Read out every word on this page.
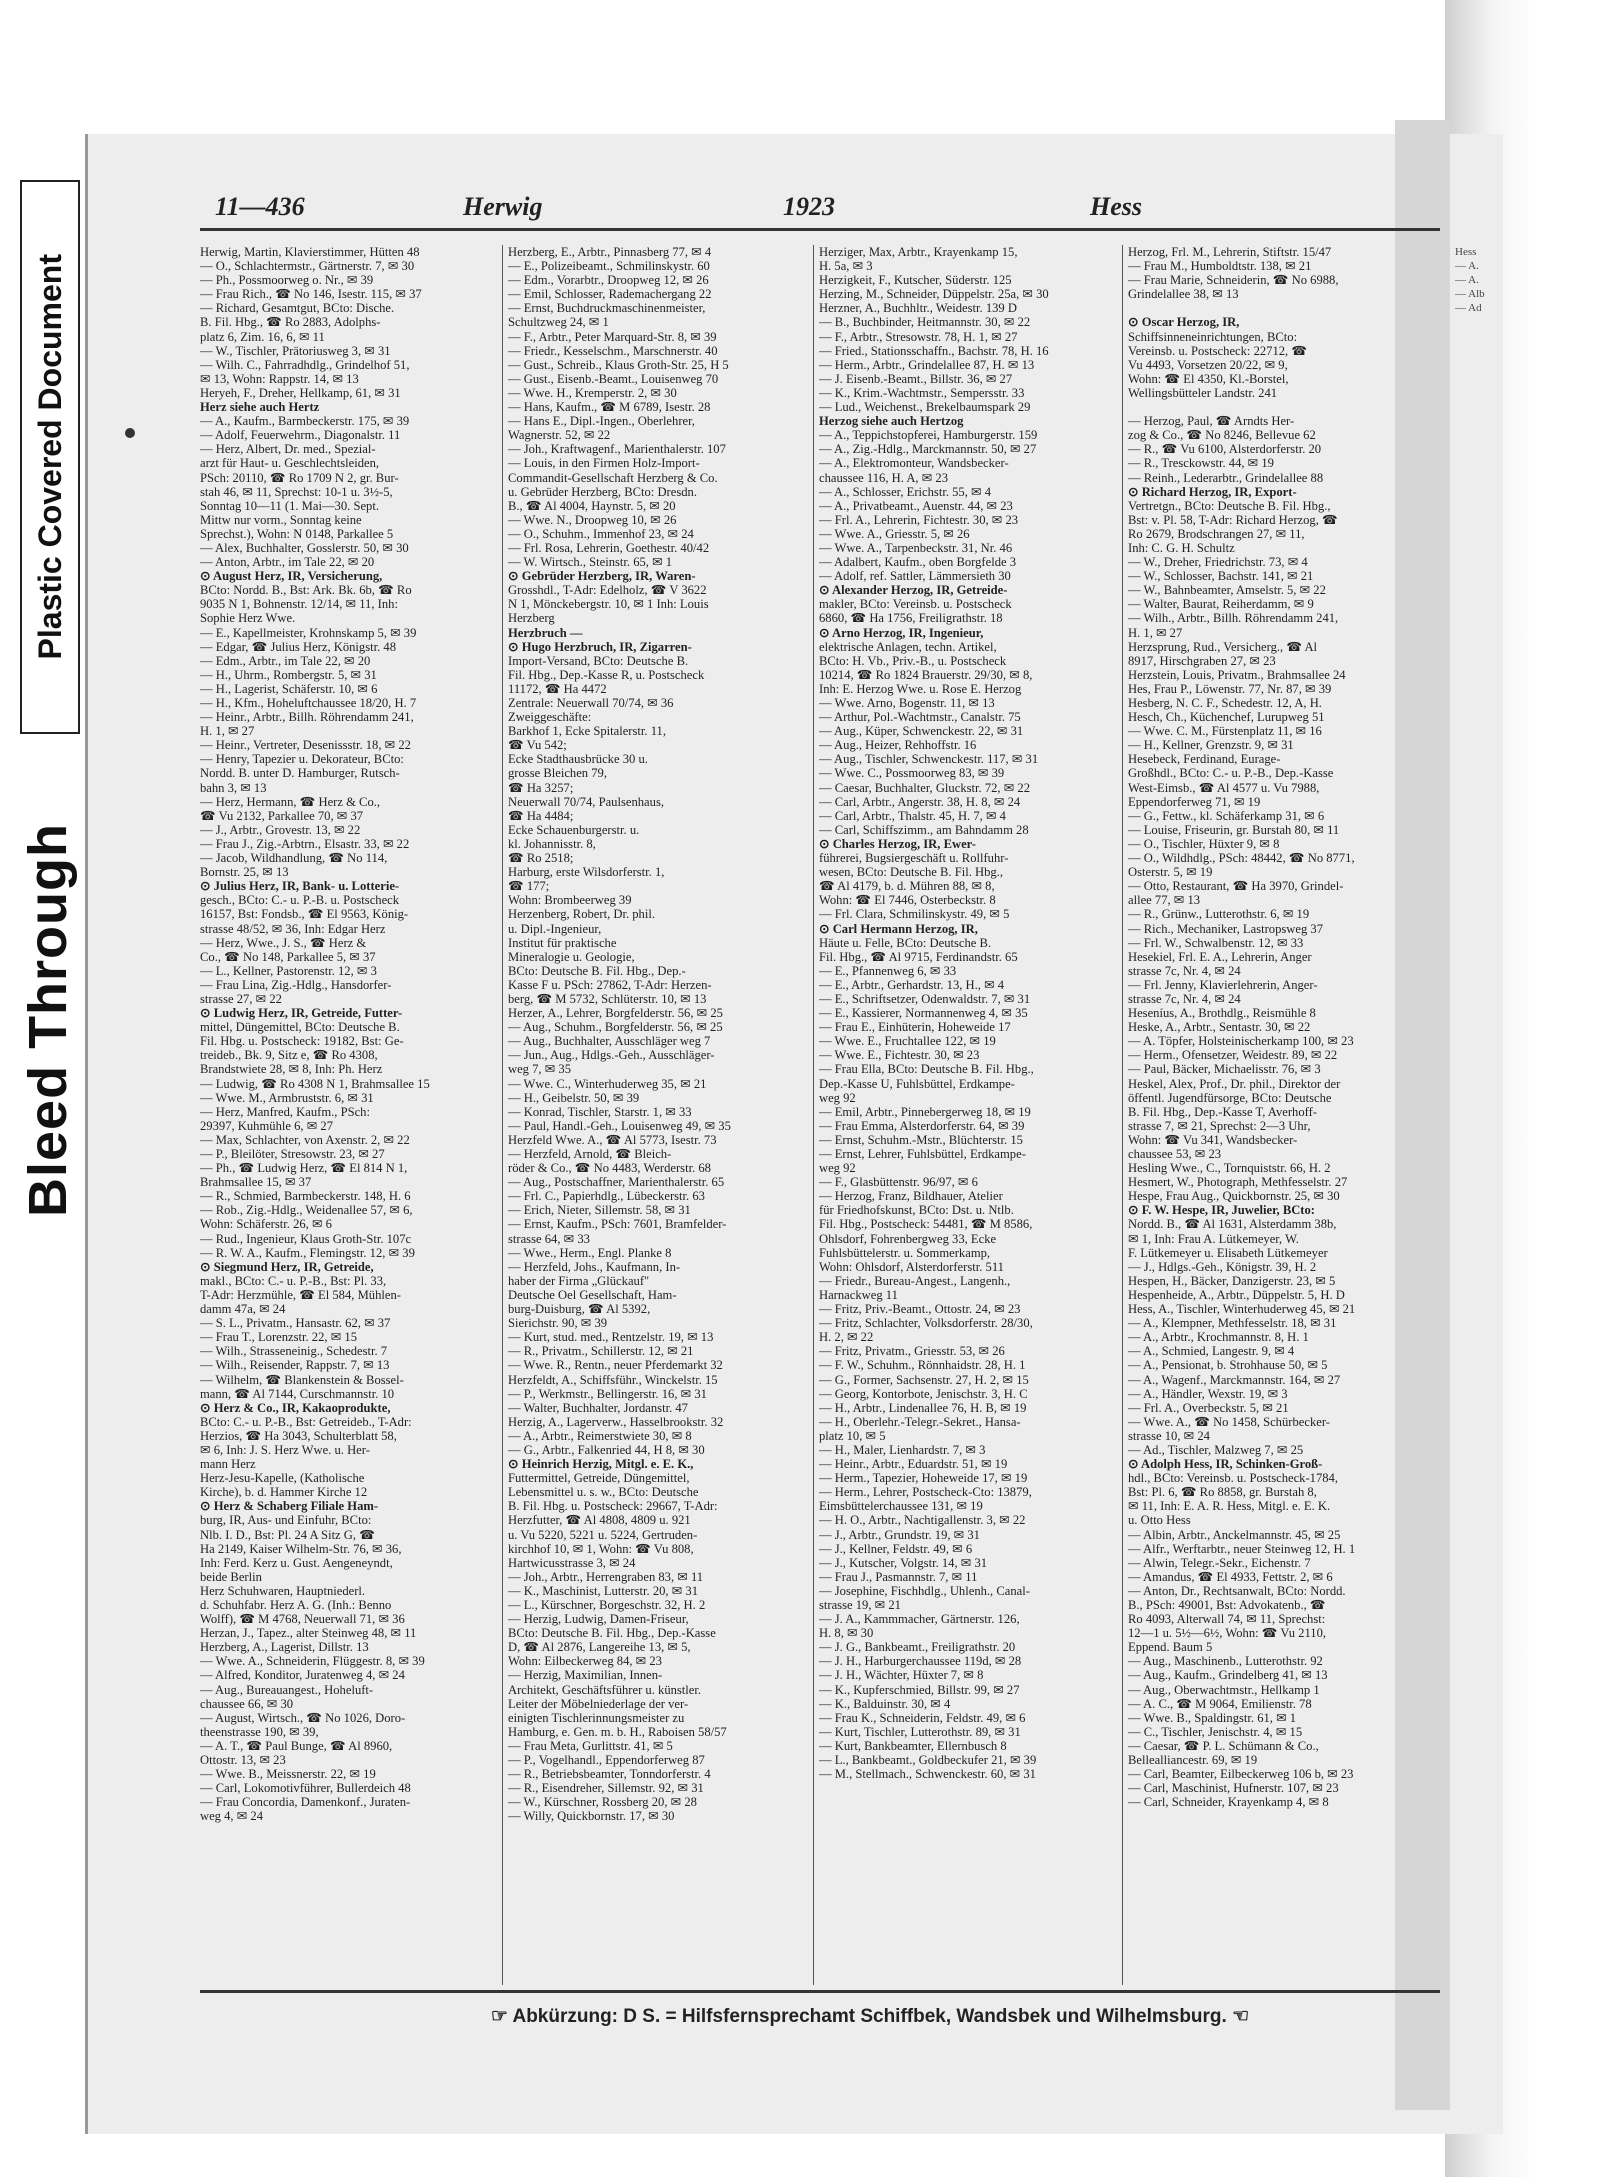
Plastic Covered Document
Bleed Through
11—436	Herwig	1923	Hess
Herwig, Martin, Klavierstimmer, Hütten 48
— O., Schlachtermstr., Gärtnerstr. 7, ✉ 30
— Ph., Possmoorweg o. Nr., ✉ 39
— Frau Rich., ☎ No 146, Isestr. 115, ✉ 37
— Richard, Gesamtgut, BCto: Dische.
B. Fil. Hbg., ☎ Ro 2883, Adolphs-
platz 6, Zim. 16, 6, ✉ 11
— W., Tischler, Prätoriusweg 3, ✉ 31
— Wilh. C., Fahrradhdlg., Grindelhof 51,
✉ 13, Wohn: Rappstr. 14, ✉ 13
Heryeh, F., Dreher, Hellkamp, 61, ✉ 31
Herz siehe auch Hertz
— A., Kaufm., Barmbeckerstr. 175, ✉ 39
— Adolf, Feuerwehrm., Diagonalstr. 11
— Herz, Albert, Dr. med., Spezial-
arzt für Haut- u. Geschlechtsleiden,
PSch: 20110, ☎ Ro 1709 N 2, gr. Bur-
stah 46, ✉ 11, Sprechst: 10-1 u. 3½-5,
Sonntag 10—11 (1. Mai—30. Sept.
Mittw nur vorm., Sonntag keine
Sprechst.), Wohn: N 0148, Parkallee 5
— Alex, Buchhalter, Gosslerstr. 50, ✉ 30
— Anton, Arbtr., im Tale 22, ✉ 20
⊙ August Herz, IR, Versicherung,
BCto: Nordd. B., Bst: Ark. Bk. 6b, ☎ Ro
9035 N 1, Bohnenstr. 12/14, ✉ 11, Inh:
Sophie Herz Wwe.
— E., Kapellmeister, Krohnskamp 5, ✉ 39
— Edgar, ☎ Julius Herz, Königstr. 48
— Edm., Arbtr., im Tale 22, ✉ 20
— H., Uhrm., Rombergstr. 5, ✉ 31
— H., Lagerist, Schäferstr. 10, ✉ 6
— H., Kfm., Hoheluftchaussee 18/20, H. 7
— Heinr., Arbtr., Billh. Röhrendamm 241,
H. 1, ✉ 27
— Heinr., Vertreter, Desenissstr. 18, ✉ 22
— Henry, Tapezier u. Dekorateur, BCto:
Nordd. B. unter D. Hamburger, Rutsch-
bahn 3, ✉ 13
— Herz, Hermann, ☎ Herz & Co.,
☎ Vu 2132, Parkallee 70, ✉ 37
— J., Arbtr., Grovestr. 13, ✉ 22
— Frau J., Zig.-Arbtrn., Elsastr. 33, ✉ 22
— Jacob, Wildhandlung, ☎ No 114,
Bornstr. 25, ✉ 13
⊙ Julius Herz, IR, Bank- u. Lotterie-
gesch., BCto: C.- u. P.-B. u. Postscheck
16157, Bst: Fondsb., ☎ El 9563, König-
strasse 48/52, ✉ 36, Inh: Edgar Herz
— Herz, Wwe., J. S., ☎ Herz &
Co., ☎ No 148, Parkallee 5, ✉ 37
— L., Kellner, Pastorenstr. 12, ✉ 3
— Frau Lina, Zig.-Hdlg., Hansdorfer-
strasse 27, ✉ 22
⊙ Ludwig Herz, IR, Getreide, Futter-
mittel, Düngemittel, BCto: Deutsche B.
Fil. Hbg. u. Postscheck: 19182, Bst: Ge-
treideb., Bk. 9, Sitz e, ☎ Ro 4308,
Brandstwiete 28, ✉ 8, Inh: Ph. Herz
— Ludwig, ☎ Ro 4308 N 1, Brahmsallee 15
— Wwe. M., Armbruststr. 6, ✉ 31
— Herz, Manfred, Kaufm., PSch:
29397, Kuhmühle 6, ✉ 27
— Max, Schlachter, von Axenstr. 2, ✉ 22
— P., Bleilöter, Stresowstr. 23, ✉ 27
— Ph., ☎ Ludwig Herz, ☎ El 814 N 1,
Brahmsallee 15, ✉ 37
— R., Schmied, Barmbeckerstr. 148, H. 6
— Rob., Zig.-Hdlg., Weidenallee 57, ✉ 6,
Wohn: Schäferstr. 26, ✉ 6
— Rud., Ingenieur, Klaus Groth-Str. 107c
— R. W. A., Kaufm., Flemingstr. 12, ✉ 39
⊙ Siegmund Herz, IR, Getreide,
makl., BCto: C.- u. P.-B., Bst: Pl. 33,
T-Adr: Herzmühle, ☎ El 584, Mühlen-
damm 47a, ✉ 24
— S. L., Privatm., Hansastr. 62, ✉ 37
— Frau T., Lorenzstr. 22, ✉ 15
— Wilh., Strasseneinig., Schedestr. 7
— Wilh., Reisender, Rappstr. 7, ✉ 13
— Wilhelm, ☎ Blankenstein & Bossel-
mann, ☎ Al 7144, Curschmannstr. 10
⊙ Herz & Co., IR, Kakaoprodukte,
BCto: C.- u. P.-B., Bst: Getreideb., T-Adr:
Herzios, ☎ Ha 3043, Schulterblatt 58,
✉ 6, Inh: J. S. Herz Wwe. u. Her-
mann Herz
Herz-Jesu-Kapelle, (Katholische
Kirche), b. d. Hammer Kirche 12
⊙ Herz & Schaberg Filiale Ham-
burg, IR, Aus- und Einfuhr, BCto:
Nlb. I. D., Bst: Pl. 24 A Sitz G, ☎
Ha 2149, Kaiser Wilhelm-Str. 76, ✉ 36,
Inh: Ferd. Kerz u. Gust. Aengeneyndt,
beide Berlin
Herz Schuhwaren, Hauptniederl.
d. Schuhfabr. Herz A. G. (Inh.: Benno
Wolff), ☎ M 4768, Neuerwall 71, ✉ 36
Herzan, J., Tapez., alter Steinweg 48, ✉ 11
Herzberg, A., Lagerist, Dillstr. 13
— Wwe. A., Schneiderin, Flüggestr. 8, ✉ 39
— Alfred, Konditor, Juratenweg 4, ✉ 24
— Aug., Bureauangest., Hoheluft-
chaussee 66, ✉ 30
— August, Wirtsch., ☎ No 1026, Doro-
theenstrasse 190, ✉ 39,
— A. T., ☎ Paul Bunge, ☎ Al 8960,
Ottostr. 13, ✉ 23
— Wwe. B., Meissnerstr. 22, ✉ 19
— Carl, Lokomotivführer, Bullerdeich 48
— Frau Concordia, Damenkonf., Juraten-
weg 4, ✉ 24
Herzberg, E., Arbtr., Pinnasberg 77, ✉ 4
— E., Polizeibeamt., Schmilinskystr. 60
— Edm., Vorarbtr., Droopweg 12, ✉ 26
— Emil, Schlosser, Rademachergang 22
— Ernst, Buchdruckmaschinenmeister,
Schultzweg 24, ✉ 1
— F., Arbtr., Peter Marquard-Str. 8, ✉ 39
— Friedr., Kesselschm., Marschnerstr. 40
— Gust., Schreib., Klaus Groth-Str. 25, H 5
— Gust., Eisenb.-Beamt., Louisenweg 70
— Wwe. H., Kremperstr. 2, ✉ 30
— Hans, Kaufm., ☎ M 6789, Isestr. 28
— Hans E., Dipl.-Ingen., Oberlehrer,
Wagnerstr. 52, ✉ 22
— Joh., Kraftwagenf., Marienthalerstr. 107
— Louis, in den Firmen Holz-Import-
Commandit-Gesellschaft Herzberg & Co.
u. Gebrüder Herzberg, BCto: Dresdn.
B., ☎ Al 4004, Haynstr. 5, ✉ 20
— Wwe. N., Droopweg 10, ✉ 26
— O., Schuhm., Immenhof 23, ✉ 24
— Frl. Rosa, Lehrerin, Goethestr. 40/42
— W. Wirtsch., Steinstr. 65, ✉ 1
⊙ Gebrüder Herzberg, IR, Waren-
Grosshdl., T-Adr: Edelholz, ☎ V 3622
N 1, Mönckebergstr. 10, ✉ 1 Inh: Louis
Herzberg
Herzbruch —
⊙ Hugo Herzbruch, IR, Zigarren-
Import-Versand, BCto: Deutsche B.
Fil. Hbg., Dep.-Kasse R, u. Postscheck
11172, ☎ Ha 4472
Zentrale: Neuerwall 70/74, ✉ 36
Zweiggeschäfte:
Barkhof 1, Ecke Spitalerstr. 11,
☎ Vu 542;
Ecke Stadthausbrücke 30 u.
grosse Bleichen 79,
☎ Ha 3257;
Neuerwall 70/74, Paulsenhaus,
☎ Ha 4484;
Ecke Schauenburgerstr. u.
kl. Johannisstr. 8,
☎ Ro 2518;
Harburg, erste Wilsdorferstr. 1,
☎ 177;
Wohn: Brombeerweg 39
Herzenberg, Robert, Dr. phil.
u. Dipl.-Ingenieur,
Institut für praktische
Mineralogie u. Geologie,
BCto: Deutsche B. Fil. Hbg., Dep.-
Kasse F u. PSch: 27862, T-Adr: Herzen-
berg, ☎ M 5732, Schlüterstr. 10, ✉ 13
Herzer, A., Lehrer, Borgfelderstr. 56, ✉ 25
— Aug., Schuhm., Borgfelderstr. 56, ✉ 25
— Aug., Buchhalter, Ausschläger weg 7
— Jun., Aug., Hdlgs.-Geh., Ausschläger-
weg 7, ✉ 35
— Wwe. C., Winterhuderweg 35, ✉ 21
— H., Geibelstr. 50, ✉ 39
— Konrad, Tischler, Starstr. 1, ✉ 33
— Paul, Handl.-Geh., Louisenweg 49, ✉ 35
Herzfeld Wwe. A., ☎ Al 5773, Isestr. 73
— Herzfeld, Arnold, ☎ Bleich-
röder & Co., ☎ No 4483, Werderstr. 68
— Aug., Postschaffner, Marienthalerstr. 65
— Frl. C., Papierhdlg., Lübeckerstr. 63
— Erich, Nieter, Sillemstr. 58, ✉ 31
— Ernst, Kaufm., PSch: 7601, Bramfelder-
strasse 64, ✉ 33
— Wwe., Herm., Engl. Planke 8
— Herzfeld, Johs., Kaufmann, In-
haber der Firma „Glückauf"
Deutsche Oel Gesellschaft, Ham-
burg-Duisburg, ☎ Al 5392,
Sierichstr. 90, ✉ 39
— Kurt, stud. med., Rentzelstr. 19, ✉ 13
— R., Privatm., Schillerstr. 12, ✉ 21
— Wwe. R., Rentn., neuer Pferdemarkt 32
Herzfeldt, A., Schiffsführ., Winckelstr. 15
— P., Werkmstr., Bellingerstr. 16, ✉ 31
— Walter, Buchhalter, Jordanstr. 47
Herzig, A., Lagerverw., Hasselbrookstr. 32
— A., Arbtr., Reimerstwiete 30, ✉ 8
— G., Arbtr., Falkenried 44, H 8, ✉ 30
⊙ Heinrich Herzig, Mitgl. e. E. K.,
Futtermittel, Getreide, Düngemittel,
Lebensmittel u. s. w., BCto: Deutsche
B. Fil. Hbg. u. Postscheck: 29667, T-Adr:
Herzfutter, ☎ Al 4808, 4809 u. 921
u. Vu 5220, 5221 u. 5224, Gertruden-
kirchhof 10, ✉ 1, Wohn: ☎ Vu 808,
Hartwicusstrasse 3, ✉ 24
— Joh., Arbtr., Herrengraben 83, ✉ 11
— K., Maschinist, Lutterstr. 20, ✉ 31
— L., Kürschner, Borgeschstr. 32, H. 2
— Herzig, Ludwig, Damen-Friseur,
BCto: Deutsche B. Fil. Hbg., Dep.-Kasse
D, ☎ Al 2876, Langereihe 13, ✉ 5,
Wohn: Eilbeckerweg 84, ✉ 23
— Herzig, Maximilian, Innen-
Architekt, Geschäftsführer u. künstler.
Leiter der Möbelniederlage der ver-
einigten Tischlerinnungsmeister zu
Hamburg, e. Gen. m. b. H., Raboisen 58/57
— Frau Meta, Gurlittstr. 41, ✉ 5
— P., Vogelhandl., Eppendorferweg 87
— R., Betriebsbeamter, Tonndorferstr. 4
— R., Eisendreher, Sillemstr. 92, ✉ 31
— W., Kürschner, Rossberg 20, ✉ 28
— Willy, Quickbornstr. 17, ✉ 30
Herziger, Max, Arbtr., Krayenkamp 15,
H. 5a, ✉ 3
Herzigkeit, F., Kutscher, Süderstr. 125
Herzing, M., Schneider, Düppelstr. 25a, ✉ 30
Herzner, A., Buchhltr., Weidestr. 139 D
— B., Buchbinder, Heitmannstr. 30, ✉ 22
— F., Arbtr., Stresowstr. 78, H. 1, ✉ 27
— Fried., Stationsschaffn., Bachstr. 78, H. 16
— Herm., Arbtr., Grindelallee 87, H. ✉ 13
— J. Eisenb.-Beamt., Billstr. 36, ✉ 27
— K., Krim.-Wachtmstr., Sempersstr. 33
— Lud., Weichenst., Brekelbaumspark 29
Herzog siehe auch Hertzog
— A., Teppichstopferei, Hamburgerstr. 159
— A., Zig.-Hdlg., Marckmannstr. 50, ✉ 27
— A., Elektromonteur, Wandsbecker-
chaussee 116, H. A, ✉ 23
— A., Schlosser, Erichstr. 55, ✉ 4
— A., Privatbeamt., Auenstr. 44, ✉ 23
— Frl. A., Lehrerin, Fichtestr. 30, ✉ 23
— Wwe. A., Griesstr. 5, ✉ 26
— Wwe. A., Tarpenbeckstr. 31, Nr. 46
— Adalbert, Kaufm., oben Borgfelde 3
— Adolf, ref. Sattler, Lämmersieth 30
⊙ Alexander Herzog, IR, Getreide-
makler, BCto: Vereinsb. u. Postscheck
6860, ☎ Ha 1756, Freiligrathstr. 18
⊙ Arno Herzog, IR, Ingenieur,
elektrische Anlagen, techn. Artikel,
BCto: H. Vb., Priv.-B., u. Postscheck
10214, ☎ Ro 1824 Brauerstr. 29/30, ✉ 8,
Inh: E. Herzog Wwe. u. Rose E. Herzog
— Wwe. Arno, Bogenstr. 11, ✉ 13
— Arthur, Pol.-Wachtmstr., Canalstr. 75
— Aug., Küper, Schwenckestr. 22, ✉ 31
— Aug., Heizer, Rehhoffstr. 16
— Aug., Tischler, Schwenckestr. 117, ✉ 31
— Wwe. C., Possmoorweg 83, ✉ 39
— Caesar, Buchhalter, Gluckstr. 72, ✉ 22
— Carl, Arbtr., Angerstr. 38, H. 8, ✉ 24
— Carl, Arbtr., Thalstr. 45, H. 7, ✉ 4
— Carl, Schiffszimm., am Bahndamm 28
⊙ Charles Herzog, IR, Ewer-
führerei, Bugsiergeschäft u. Rollfuhr-
wesen, BCto: Deutsche B. Fil. Hbg.,
☎ Al 4179, b. d. Mühren 88, ✉ 8,
Wohn: ☎ El 7446, Osterbeckstr. 8
— Frl. Clara, Schmilinskystr. 49, ✉ 5
⊙ Carl Hermann Herzog, IR,
Häute u. Felle, BCto: Deutsche B.
Fil. Hbg., ☎ Al 9715, Ferdinandstr. 65
— E., Pfannenweg 6, ✉ 33
— E., Arbtr., Gerhardstr. 13, H., ✉ 4
— E., Schriftsetzer, Odenwaldstr. 7, ✉ 31
— E., Kassierer, Normannenweg 4, ✉ 35
— Frau E., Einhüterin, Hoheweide 17
— Wwe. E., Fruchtallee 122, ✉ 19
— Wwe. E., Fichtestr. 30, ✉ 23
— Frau Ella, BCto: Deutsche B. Fil. Hbg.,
Dep.-Kasse U, Fuhlsbüttel, Erdkampe-
weg 92
— Emil, Arbtr., Pinnebergerweg 18, ✉ 19
— Frau Emma, Alsterdorferstr. 64, ✉ 39
— Ernst, Schuhm.-Mstr., Blüchterstr. 15
— Ernst, Lehrer, Fuhlsbüttel, Erdkampe-
weg 92
— F., Glasbüttenstr. 96/97, ✉ 6
— Herzog, Franz, Bildhauer, Atelier
für Friedhofskunst, BCto: Dst. u. Ntlb.
Fil. Hbg., Postscheck: 54481, ☎ M 8586,
Ohlsdorf, Fohrenbergweg 33, Ecke
Fuhlsbüttelerstr. u. Sommerkamp,
Wohn: Ohlsdorf, Alsterdorferstr. 511
— Friedr., Bureau-Angest., Langenh.,
Harnackweg 11
— Fritz, Priv.-Beamt., Ottostr. 24, ✉ 23
— Fritz, Schlachter, Volksdorferstr. 28/30,
H. 2, ✉ 22
— Fritz, Privatm., Griesstr. 53, ✉ 26
— F. W., Schuhm., Rönnhaidstr. 28, H. 1
— G., Former, Sachsenstr. 27, H. 2, ✉ 15
— Georg, Kontorbote, Jenischstr. 3, H. C
— H., Arbtr., Lindenallee 76, H. B, ✉ 19
— H., Oberlehr.-Telegr.-Sekret., Hansa-
platz 10, ✉ 5
— H., Maler, Lienhardstr. 7, ✉ 3
— Heinr., Arbtr., Eduardstr. 51, ✉ 19
— Herm., Tapezier, Hoheweide 17, ✉ 19
— Herm., Lehrer, Postscheck-Cto: 13879,
Eimsbüttelerchaussee 131, ✉ 19
— H. O., Arbtr., Nachtigallenstr. 3, ✉ 22
— J., Arbtr., Grundstr. 19, ✉ 31
— J., Kellner, Feldstr. 49, ✉ 6
— J., Kutscher, Volgstr. 14, ✉ 31
— Frau J., Pasmannstr. 7, ✉ 11
— Josephine, Fischhdlg., Uhlenh., Canal-
strasse 19, ✉ 21
— J. A., Kammmacher, Gärtnerstr. 126,
H. 8, ✉ 30
— J. G., Bankbeamt., Freiligrathstr. 20
— J. H., Harburgerchaussee 119d, ✉ 28
— J. H., Wächter, Hüxter 7, ✉ 8
— K., Kupferschmied, Billstr. 99, ✉ 27
— K., Balduinstr. 30, ✉ 4
— Frau K., Schneiderin, Feldstr. 49, ✉ 6
— Kurt, Tischler, Lutterothstr. 89, ✉ 31
— Kurt, Bankbeamter, Ellernbusch 8
— L., Bankbeamt., Goldbeckufer 21, ✉ 39
— M., Stellmach., Schwenckestr. 60, ✉ 31
Herzog, Frl. M., Lehrerin, Stiftstr. 15/47
— Frau M., Humboldtstr. 138, ✉ 21
— Frau Marie, Schneiderin, ☎ No 6988,
Grindelallee 38, ✉ 13

⊙ Oscar Herzog, IR,
Schiffsinneneinrichtungen, BCto:
Vereinsb. u. Postscheck: 22712, ☎
Vu 4493, Vorsetzen 20/22, ✉ 9,
Wohn: ☎ El 4350, Kl.-Borstel,
Wellingsbütteler Landstr. 241

— Herzog, Paul, ☎ Arndts Her-
zog & Co., ☎ No 8246, Bellevue 62
— R., ☎ Vu 6100, Alsterdorferstr. 20
— R., Tresckowstr. 44, ✉ 19
— Reinh., Lederarbtr., Grindelallee 88
⊙ Richard Herzog, IR, Export-
Vertretgn., BCto: Deutsche B. Fil. Hbg.,
Bst: v. Pl. 58, T-Adr: Richard Herzog, ☎
Ro 2679, Brodschrangen 27, ✉ 11,
Inh: C. G. H. Schultz
— W., Dreher, Friedrichstr. 73, ✉ 4
— W., Schlosser, Bachstr. 141, ✉ 21
— W., Bahnbeamter, Amselstr. 5, ✉ 22
— Walter, Baurat, Reiherdamm, ✉ 9
— Wilh., Arbtr., Billh. Röhrendamm 241,
H. 1, ✉ 27
Herzsprung, Rud., Versicherg., ☎ Al
8917, Hirschgraben 27, ✉ 23
Herzstein, Louis, Privatm., Brahmsallee 24
Hes, Frau P., Löwenstr. 77, Nr. 87, ✉ 39
Hesberg, N. C. F., Schedestr. 12, A, H.
Hesch, Ch., Küchenchef, Lurupweg 51
— Wwe. C. M., Fürstenplatz 11, ✉ 16
— H., Kellner, Grenzstr. 9, ✉ 31
Hesebeck, Ferdinand, Eurage-
Großhdl., BCto: C.- u. P.-B., Dep.-Kasse
West-Eimsb., ☎ Al 4577 u. Vu 7988,
Eppendorferweg 71, ✉ 19
— G., Fettw., kl. Schäferkamp 31, ✉ 6
— Louise, Friseurin, gr. Burstah 80, ✉ 11
— O., Tischler, Hüxter 9, ✉ 8
— O., Wildhdlg., PSch: 48442, ☎ No 8771,
Osterstr. 5, ✉ 19
— Otto, Restaurant, ☎ Ha 3970, Grindel-
allee 77, ✉ 13
— R., Grünw., Lutterothstr. 6, ✉ 19
— Rich., Mechaniker, Lastropsweg 37
— Frl. W., Schwalbenstr. 12, ✉ 33
Hesekiel, Frl. E. A., Lehrerin, Anger
strasse 7c, Nr. 4, ✉ 24
— Frl. Jenny, Klavierlehrerin, Anger-
strasse 7c, Nr. 4, ✉ 24
Heseníus, A., Brothdlg., Reismühle 8
Heske, A., Arbtr., Sentastr. 30, ✉ 22
— A. Töpfer, Holsteinischerkamp 100, ✉ 23
— Herm., Ofensetzer, Weidestr. 89, ✉ 22
— Paul, Bäcker, Michaelisstr. 76, ✉ 3
Heskel, Alex, Prof., Dr. phil., Direktor der
öffentl. Jugendfürsorge, BCto: Deutsche
B. Fil. Hbg., Dep.-Kasse T, Averhoff-
strasse 7, ✉ 21, Sprechst: 2—3 Uhr,
Wohn: ☎ Vu 341, Wandsbecker-
chaussee 53, ✉ 23
Hesling Wwe., C., Tornquiststr. 66, H. 2
Hesmert, W., Photograph, Methfesselstr. 27
Hespe, Frau Aug., Quickbornstr. 25, ✉ 30
⊙ F. W. Hespe, IR, Juwelier, BCto:
Nordd. B., ☎ Al 1631, Alsterdamm 38b,
✉ 1, Inh: Frau A. Lütkemeyer, W.
F. Lütkemeyer u. Elisabeth Lütkemeyer
— J., Hdlgs.-Geh., Königstr. 39, H. 2
Hespen, H., Bäcker, Danzigerstr. 23, ✉ 5
Hespenheide, A., Arbtr., Düppelstr. 5, H. D
Hess, A., Tischler, Winterhuderweg 45, ✉ 21
— A., Klempner, Methfesselstr. 18, ✉ 31
— A., Arbtr., Krochmannstr. 8, H. 1
— A., Schmied, Langestr. 9, ✉ 4
— A., Pensionat, b. Strohhause 50, ✉ 5
— A., Wagenf., Marckmannstr. 164, ✉ 27
— A., Händler, Wexstr. 19, ✉ 3
— Frl. A., Overbeckstr. 5, ✉ 21
— Wwe. A., ☎ No 1458, Schürbecker-
strasse 10, ✉ 24
— Ad., Tischler, Malzweg 7, ✉ 25
⊙ Adolph Hess, IR, Schinken-Groß-
hdl., BCto: Vereinsb. u. Postscheck-1784,
Bst: Pl. 6, ☎ Ro 8858, gr. Burstah 8,
✉ 11, Inh: E. A. R. Hess, Mitgl. e. E. K.
u. Otto Hess
— Albin, Arbtr., Anckelmannstr. 45, ✉ 25
— Alfr., Werftarbtr., neuer Steinweg 12, H. 1
— Alwin, Telegr.-Sekr., Eichenstr. 7
— Amandus, ☎ El 4933, Fettstr. 2, ✉ 6
— Anton, Dr., Rechtsanwalt, BCto: Nordd.
B., PSch: 49001, Bst: Advokatenb., ☎
Ro 4093, Alterwall 74, ✉ 11, Sprechst:
12—1 u. 5½—6½, Wohn: ☎ Vu 2110,
Eppend. Baum 5
— Aug., Maschinenb., Lutterothstr. 92
— Aug., Kaufm., Grindelberg 41, ✉ 13
— Aug., Oberwachtmstr., Hellkamp 1
— A. C., ☎ M 9064, Emilienstr. 78
— Wwe. B., Spaldingstr. 61, ✉ 1
— C., Tischler, Jenischstr. 4, ✉ 15
— Caesar, ☎ P. L. Schümann & Co.,
Bellealliancestr. 69, ✉ 19
— Carl, Beamter, Eilbeckerweg 106 b, ✉ 23
— Carl, Maschinist, Hufnerstr. 107, ✉ 23
— Carl, Schneider, Krayenkamp 4, ✉ 8
Hess
— A.
— A.
— Alb
— Ad
☞ Abkürzung: D S. = Hilfsfernsprechamt Schiffbek, Wandsbek und Wilhelmsburg. ☜
